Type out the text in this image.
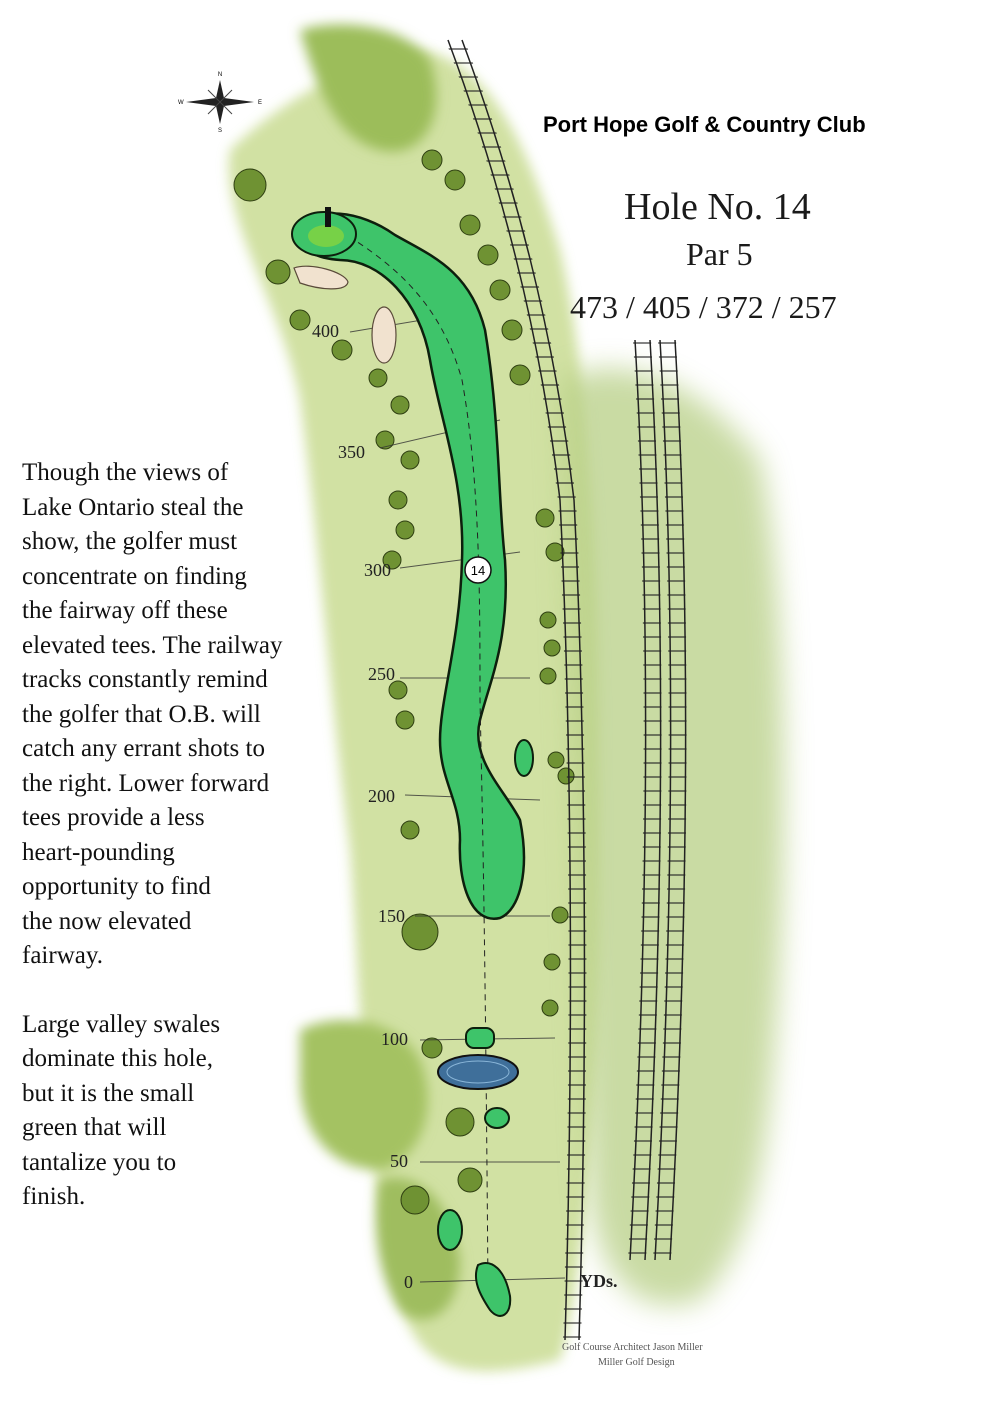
14
400
350
300
250
200
150
100
50
0	YDs.
N
E
S
W
Port Hope Golf & Country Club
Hole No. 14
Par 5
473 / 405 / 372 / 257

Though the views of
Lake Ontario steal the
show, the golfer must
concentrate on finding
the fairway off these
elevated tees. The railway
tracks constantly remind
the golfer that O.B. will
catch any errant shots to
the right. Lower forward
tees provide a less
heart-pounding
opportunity to find
the now elevated
fairway.

Large valley swales
dominate this hole,
but it is the small
green that will
tantalize you to
finish.

Golf Course Architect Jason Miller
Miller Golf Design
